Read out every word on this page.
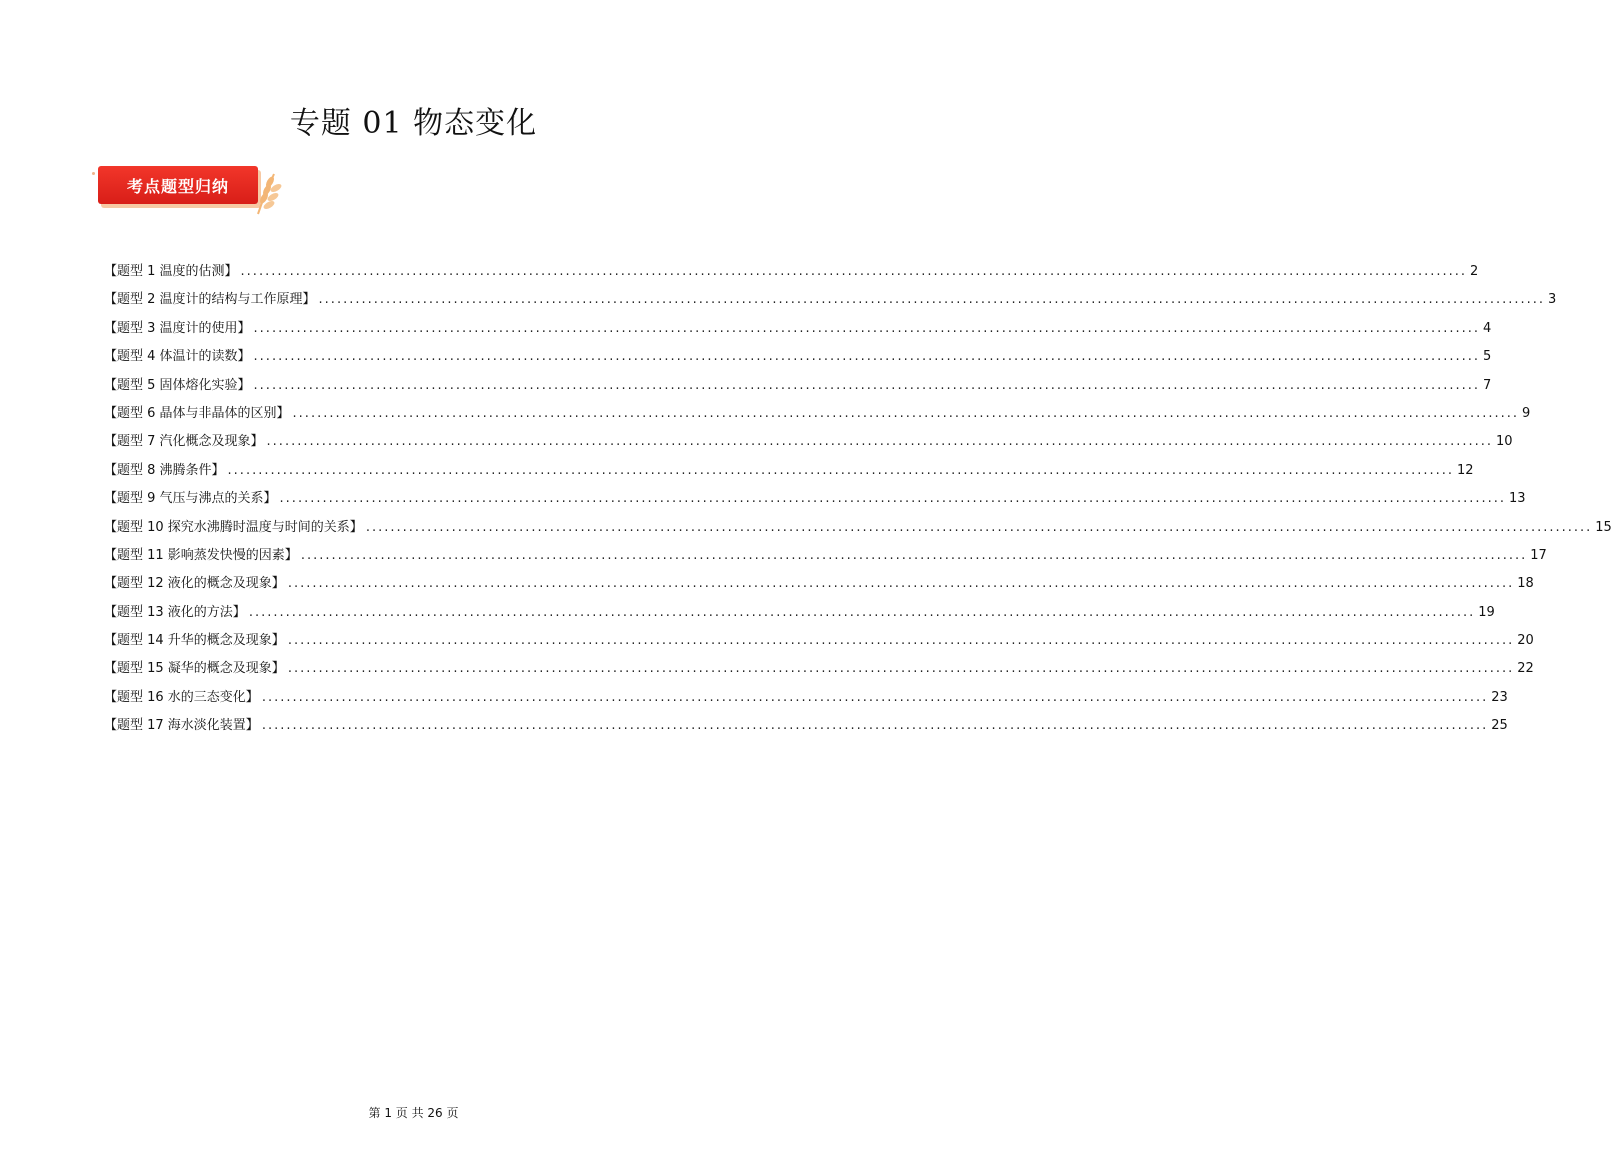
专题 01 物态变化
考点题型归纳
【题型 1 温度的估测】 ........................................................................................................................................................................................................ 2
【题型 2 温度计的结构与工作原理】 ........................................................................................................................................................................................................ 3
【题型 3 温度计的使用】 ........................................................................................................................................................................................................ 4
【题型 4 体温计的读数】 ........................................................................................................................................................................................................ 5
【题型 5 固体熔化实验】 ........................................................................................................................................................................................................ 7
【题型 6 晶体与非晶体的区别】 ........................................................................................................................................................................................................ 9
【题型 7 汽化概念及现象】 ........................................................................................................................................................................................................ 10
【题型 8 沸腾条件】 ........................................................................................................................................................................................................ 12
【题型 9 气压与沸点的关系】 ........................................................................................................................................................................................................ 13
【题型 10 探究水沸腾时温度与时间的关系】 ........................................................................................................................................................................................................ 15
【题型 11 影响蒸发快慢的因素】 ........................................................................................................................................................................................................ 17
【题型 12 液化的概念及现象】 ........................................................................................................................................................................................................ 18
【题型 13 液化的方法】 ........................................................................................................................................................................................................ 19
【题型 14 升华的概念及现象】 ........................................................................................................................................................................................................ 20
【题型 15 凝华的概念及现象】 ........................................................................................................................................................................................................ 22
【题型 16 水的三态变化】 ........................................................................................................................................................................................................ 23
【题型 17 海水淡化装置】 ........................................................................................................................................................................................................ 25
第 1 页 共 26 页
